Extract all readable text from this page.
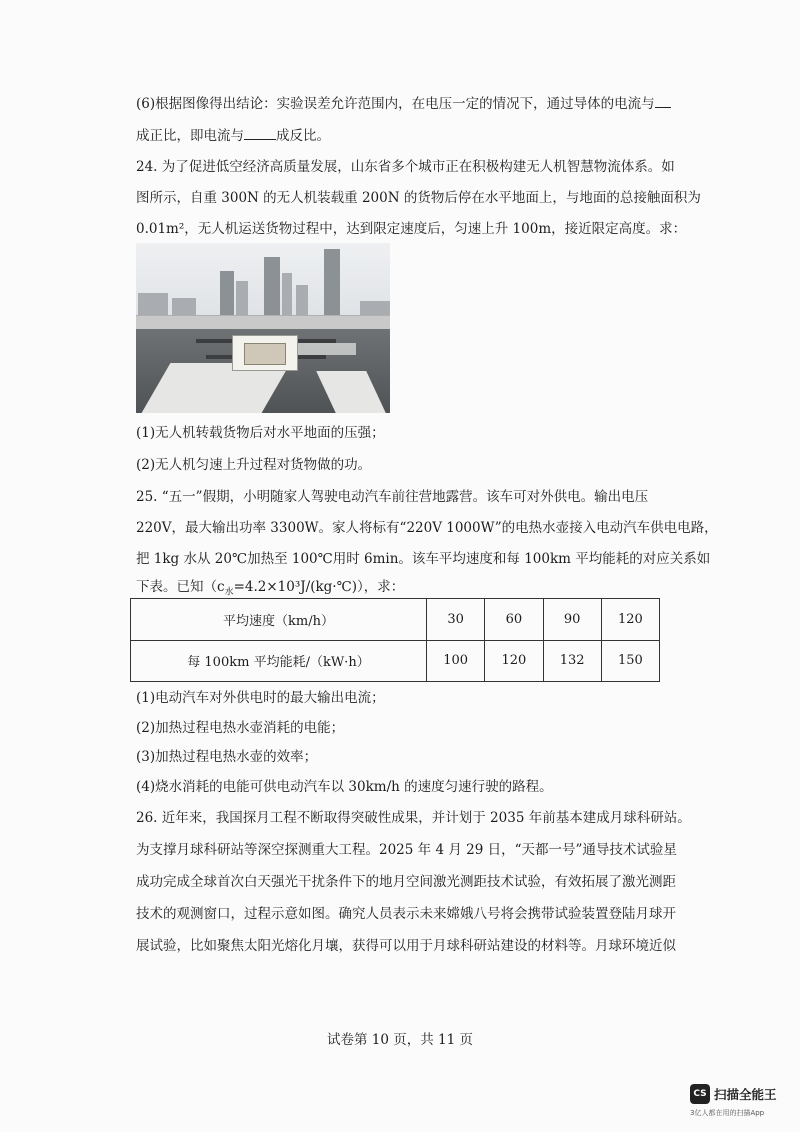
(6)根据图像得出结论：实验误差允许范围内，在电压一定的情况下，通过导体的电流与
成正比，即电流与 成反比。
24. 为了促进低空经济高质量发展，山东省多个城市正在积极构建无人机智慧物流体系。如
图所示，自重 300N 的无人机装载重 200N 的货物后停在水平地面上，与地面的总接触面积为
0.01m²，无人机运送货物过程中，达到限定速度后，匀速上升 100m，接近限定高度。求：
(1)无人机转载货物后对水平地面的压强；
(2)无人机匀速上升过程对货物做的功。
25. “五一”假期，小明随家人驾驶电动汽车前往营地露营。该车可对外供电。输出电压
220V，最大输出功率 3300W。家人将标有“220V 1000W”的电热水壶接入电动汽车供电电路，
把 1kg 水从 20℃加热至 100℃用时 6min。该车平均速度和每 100km 平均能耗的对应关系如
下表。已知$(c_水=4.2\times 10^3J/(kg\cdot℃))$，求：
平均速度（km/h）	30	60	90	120
每 100km 平均能耗/（kW·h）	100	120	132	150
(1)电动汽车对外供电时的最大输出电流；
(2)加热过程电热水壶消耗的电能；
(3)加热过程电热水壶的效率；
(4)烧水消耗的电能可供电动汽车以 30km/h 的速度匀速行驶的路程。
26. 近年来，我国探月工程不断取得突破性成果，并计划于 2035 年前基本建成月球科研站。
为支撑月球科研站等深空探测重大工程。2025 年 4 月 29 日，“天都一号”通导技术试验星
成功完成全球首次白天强光干扰条件下的地月空间激光测距技术试验，有效拓展了激光测距
技术的观测窗口，过程示意如图。确究人员表示未来嫦娥八号将会携带试验装置登陆月球开
展试验，比如聚焦太阳光熔化月壤，获得可以用于月球科研站建设的材料等。月球环境近似
试卷第 10 页，共 11 页
CS 扫描全能王
3亿人都在用的扫描App
